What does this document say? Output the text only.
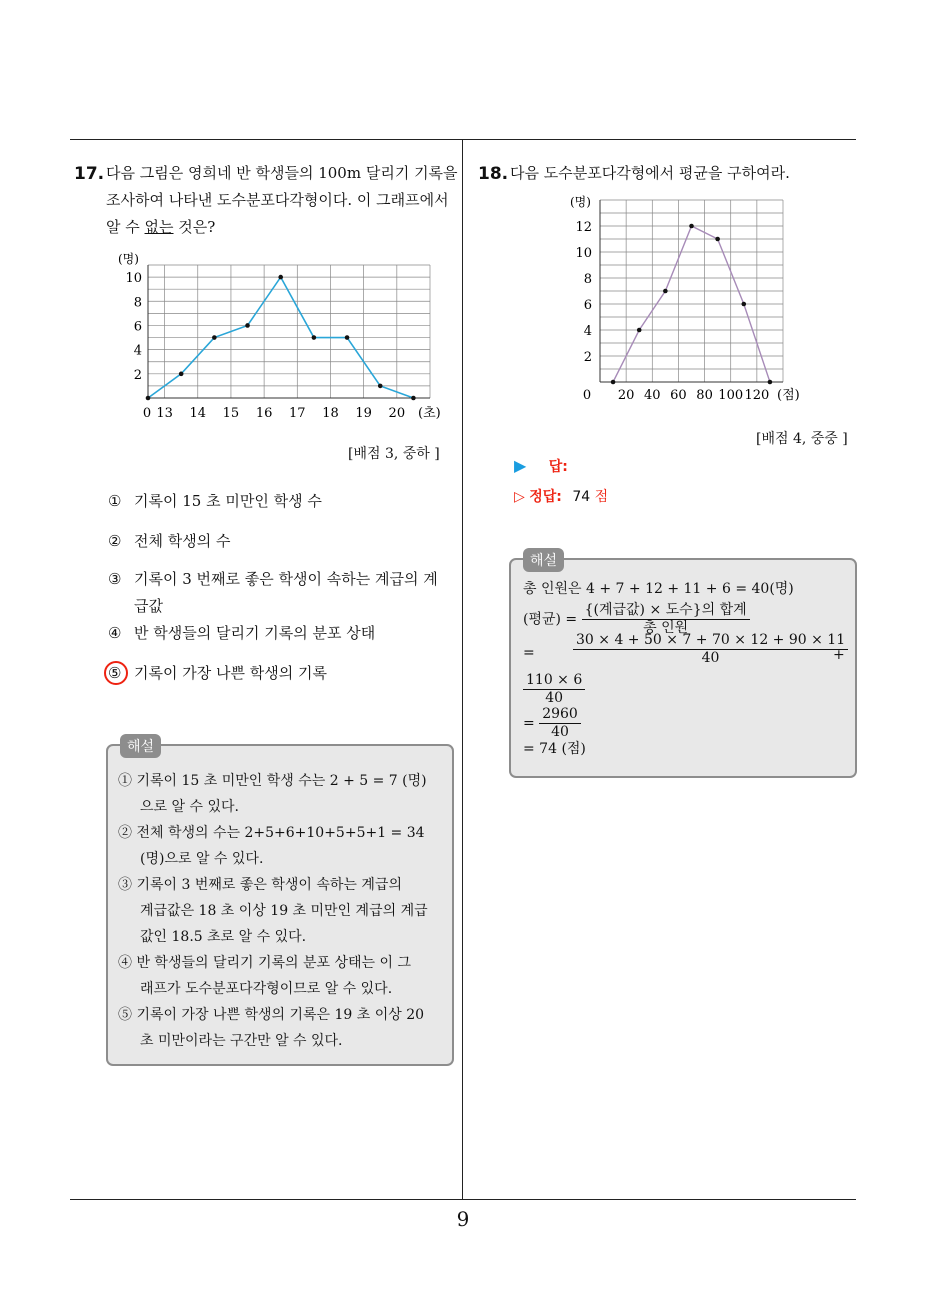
17. 다음 그림은 영희네 반 학생들의 100m 달리기 기록을
조사하여 나타낸 도수분포다각형이다. 이 그래프에서
알 수 없는 것은?
2
4
6
8
10
0 13 14 15 16 17 18 19 20
(명)
(초)
[배점 3, 중하 ]
① 기록이 15 초 미만인 학생 수
② 전체 학생의 수
③ 기록이 3 번째로 좋은 학생이 속하는 계급의 계
급값
④ 반 학생들의 달리기 기록의 분포 상태
⑤ 기록이 가장 나쁜 학생의 기록
해설
① 기록이 15 초 미만인 학생 수는 2 + 5 = 7 (명)
으로 알 수 있다.
② 전체 학생의 수는 2+5+6+10+5+5+1 = 34
(명)으로 알 수 있다.
③ 기록이 3 번째로 좋은 학생이 속하는 계급의
계급값은 18 초 이상 19 초 미만인 계급의 계급
값인 18.5 초로 알 수 있다.
④ 반 학생들의 달리기 기록의 분포 상태는 이 그
래프가 도수분포다각형이므로 알 수 있다.
⑤ 기록이 가장 나쁜 학생의 기록은 19 초 이상 20
초 미만이라는 구간만 알 수 있다.
18. 다음 도수분포다각형에서 평균을 구하여라.
2
4
6
8
10
12
0 20 40 60 80 100 120
(명)
(점)
[배점 4, 중중 ]
▶ 답:
▷ 정답: 74 점
해설
총 인원은 4 + 7 + 12 + 11 + 6 = 40(명)
(평균) = $\frac{\text{\{(계급값) × 도수\}의 합계}}{\text{총 인원}}$
=	$\frac{30 \times 4 + 50 \times 7 + 70 \times 12 + 90 \times 11}{40}$
+
$\frac{110 \times 6}{40}$
= $\frac{2960}{40}$
= 74 (점)
9
